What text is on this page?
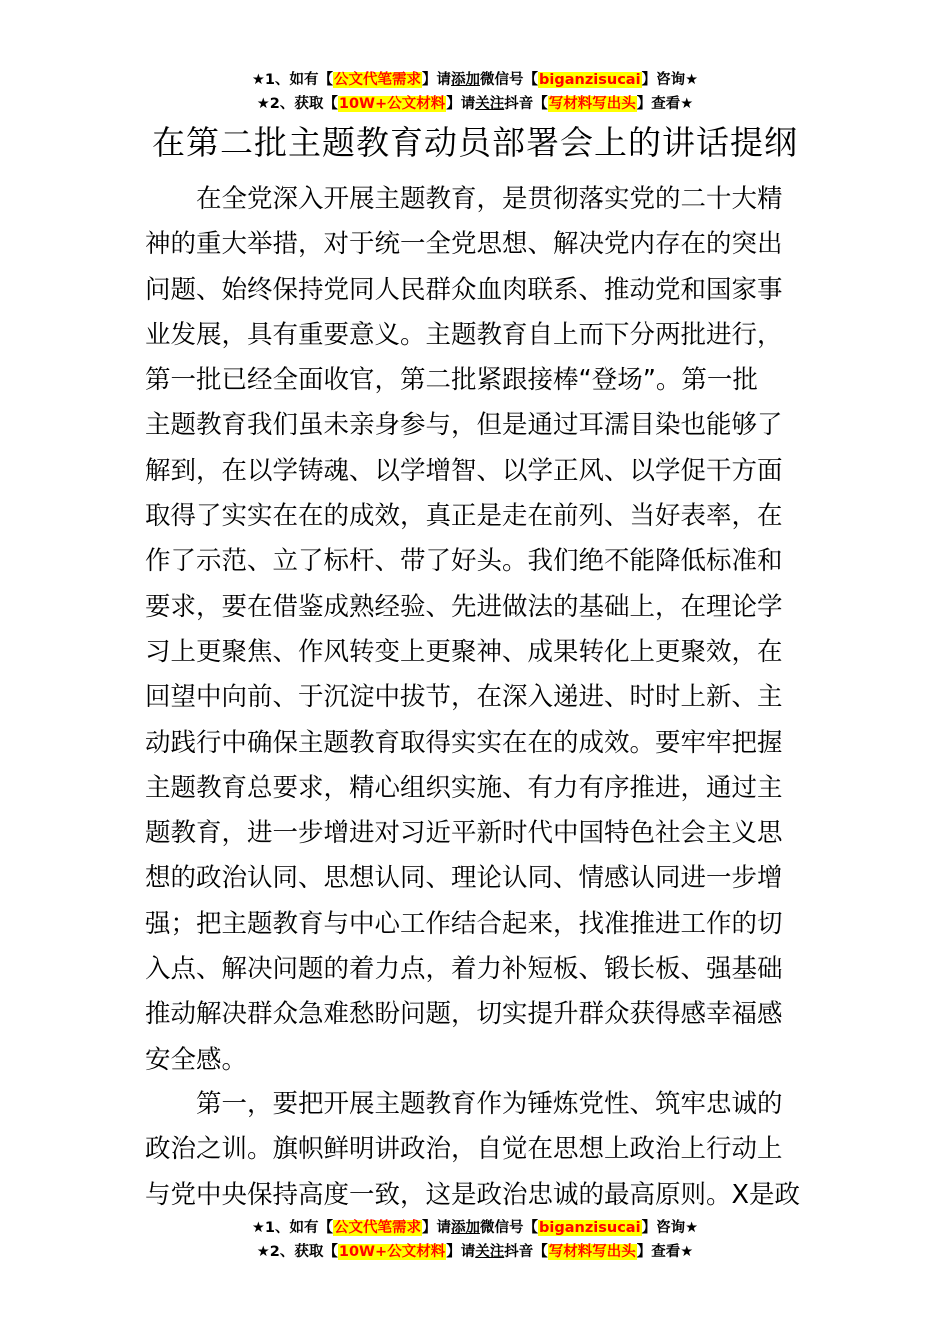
★1、如有【公文代笔需求】请添加微信号【biganzisucai】咨询★
★2、获取【10W+公文材料】请关注抖音【写材料写出头】查看★
在第二批主题教育动员部署会上的讲话提纲
　　在全党深入开展主题教育，是贯彻落实党的二十大精
神的重大举措，对于统一全党思想、解决党内存在的突出
问题、始终保持党同人民群众血肉联系、推动党和国家事
业发展，具有重要意义。主题教育自上而下分两批进行，
第一批已经全面收官，第二批紧跟接棒“登场”。第一批
主题教育我们虽未亲身参与，但是通过耳濡目染也能够了
解到，在以学铸魂、以学增智、以学正风、以学促干方面
取得了实实在在的成效，真正是走在前列、当好表率，在
作了示范、立了标杆、带了好头。我们绝不能降低标准和
要求，要在借鉴成熟经验、先进做法的基础上，在理论学
习上更聚焦、作风转变上更聚神、成果转化上更聚效，在
回望中向前、于沉淀中拔节，在深入递进、时时上新、主
动践行中确保主题教育取得实实在在的成效。要牢牢把握
主题教育总要求，精心组织实施、有力有序推进，通过主
题教育，进一步增进对习近平新时代中国特色社会主义思
想的政治认同、思想认同、理论认同、情感认同进一步增
强；把主题教育与中心工作结合起来，找准推进工作的切
入点、解决问题的着力点，着力补短板、锻长板、强基础
推动解决群众急难愁盼问题，切实提升群众获得感幸福感
安全感。
　　第一，要把开展主题教育作为锤炼党性、筑牢忠诚的
政治之训。旗帜鲜明讲政治，自觉在思想上政治上行动上
与党中央保持高度一致，这是政治忠诚的最高原则。X是政
★1、如有【公文代笔需求】请添加微信号【biganzisucai】咨询★
★2、获取【10W+公文材料】请关注抖音【写材料写出头】查看★
